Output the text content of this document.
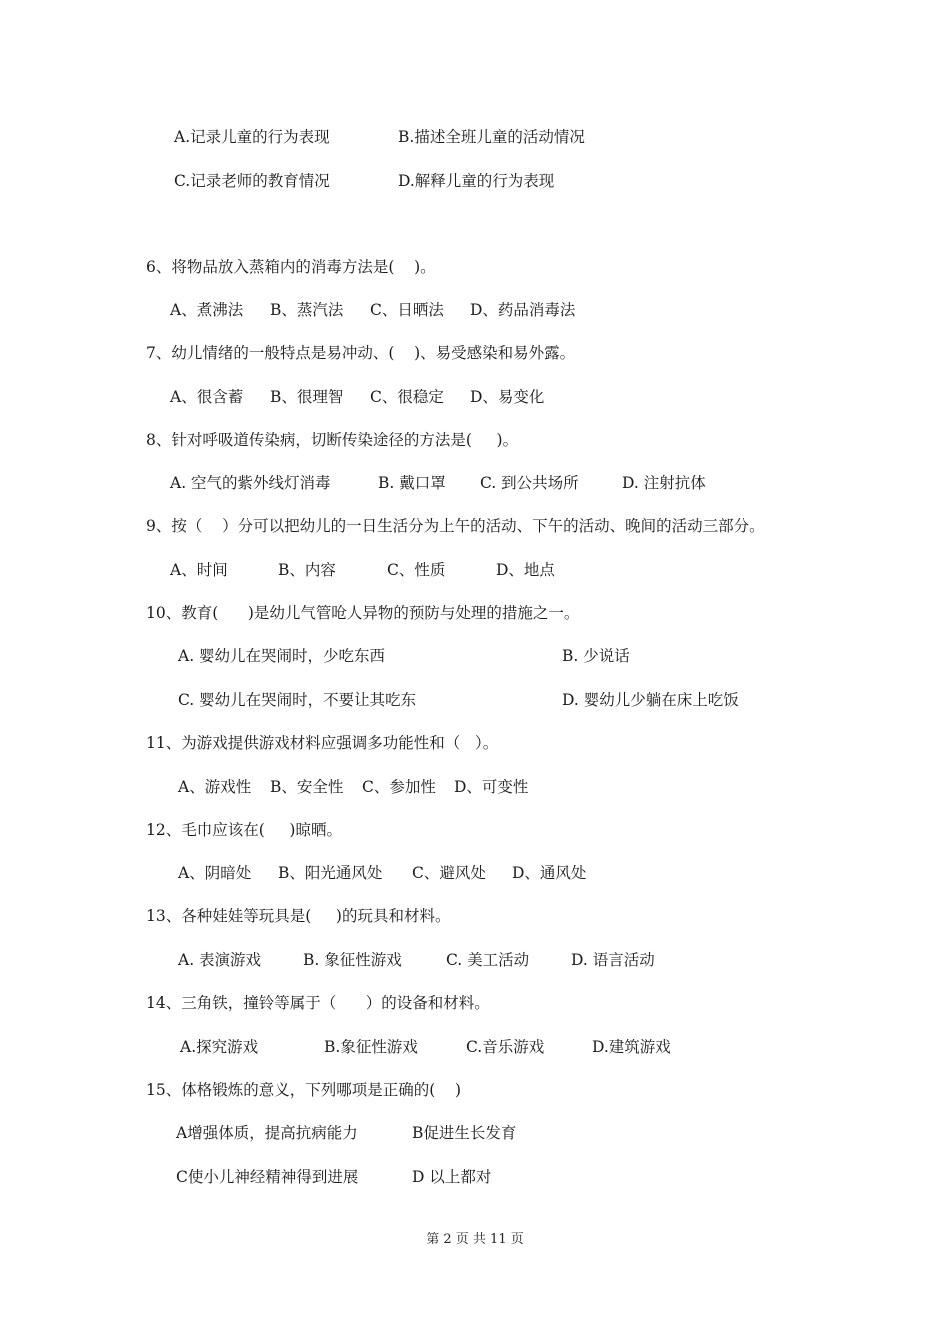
A.记录儿童的行为表现

	B.描述全班儿童的活动情况

C.记录老师的教育情况

	D.解释儿童的行为表现

6、将物品放入蒸箱内的消毒方法是(    )。

A、煮沸法

B、蒸汽法

C、日晒法

D、药品消毒法

7、幼儿情绪的一般特点是易冲动、(    )、易受感染和易外露。

A、很含蓄

B、很理智

C、很稳定

D、易变化

8、针对呼吸道传染病，切断传染途径的方法是(     )。

A. 空气的紫外线灯消毒

	B. 戴口罩

C. 到公共场所

	D. 注射抗体

9、按（    ）分可以把幼儿的一日生活分为上午的活动、下午的活动、晚间的活动三部分。

A、时间

	B、内容

	C、性质

	D、地点

10、教育(      )是幼儿气管呛人异物的预防与处理的措施之一。

A. 婴幼儿在哭闹时，少吃东西

	B. 少说话

C. 婴幼儿在哭闹时，不要让其吃东

	D. 婴幼儿少躺在床上吃饭

11、为游戏提供游戏材料应强调多功能性和（   ）。

A、游戏性

B、安全性

C、参加性

D、可变性

12、毛巾应该在(     )晾晒。

A、阴暗处

B、阳光通风处

C、避风处

D、通风处

13、各种娃娃等玩具是(     )的玩具和材料。

A. 表演游戏

	B. 象征性游戏

	C. 美工活动

	D. 语言活动

14、三角铁，撞铃等属于（      ）的设备和材料。

A.探究游戏

	B.象征性游戏

	C.音乐游戏

	D.建筑游戏

15、体格锻炼的意义，下列哪项是正确的(    )

A增强体质，提高抗病能力

	B促进生长发育

C使小儿神经精神得到进展

	D 以上都对

第 2 页 共 11 页
